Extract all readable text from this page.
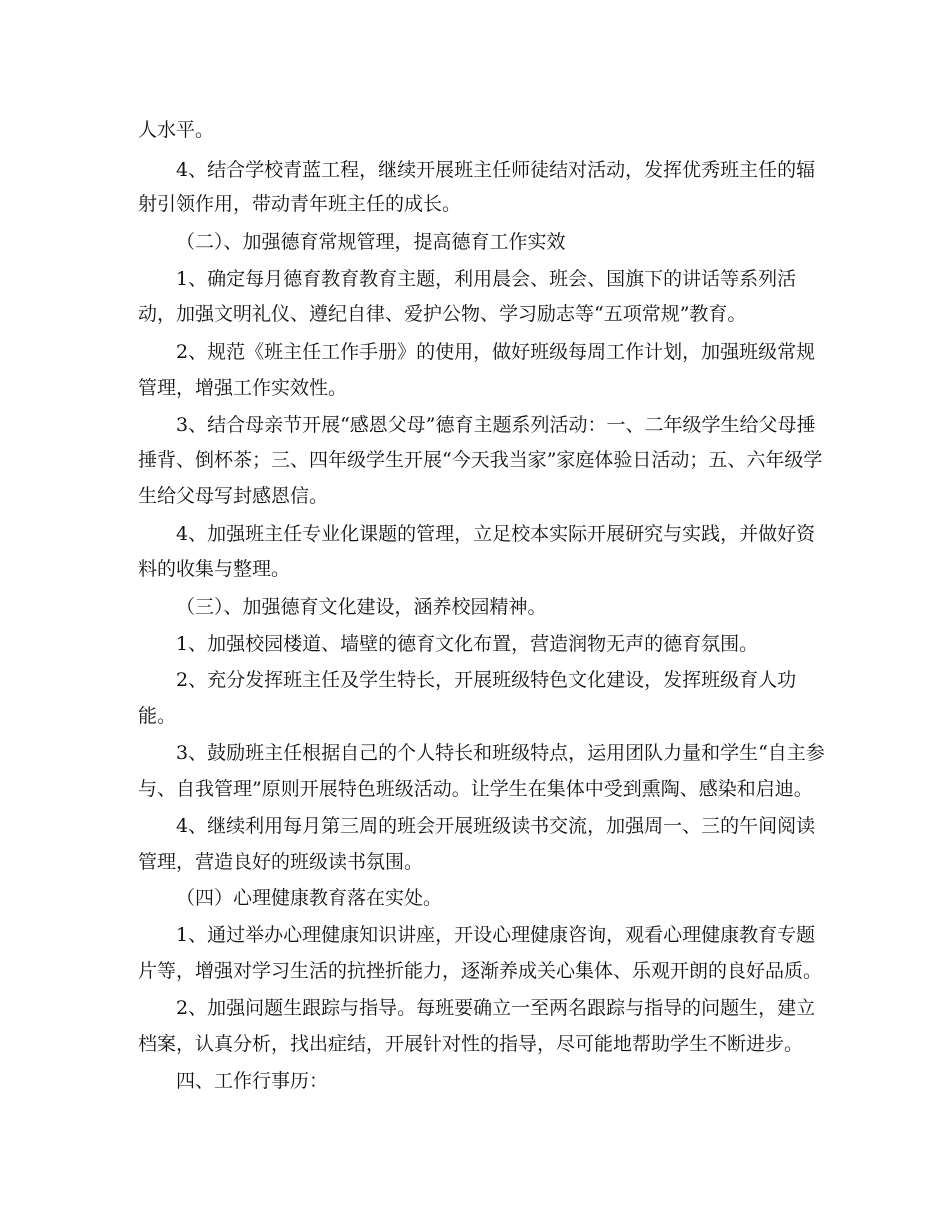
人水平。

4、结合学校青蓝工程，继续开展班主任师徒结对活动，发挥优秀班主任的辐

射引领作用，带动青年班主任的成长。

（二）、加强德育常规管理，提高德育工作实效

1、确定每月德育教育教育主题，利用晨会、班会、国旗下的讲话等系列活

动，加强文明礼仪、遵纪自律、爱护公物、学习励志等“五项常规”教育。

2、规范《班主任工作手册》的使用，做好班级每周工作计划，加强班级常规

管理，增强工作实效性。

3、结合母亲节开展“感恩父母”德育主题系列活动：一、二年级学生给父母捶

捶背、倒杯茶；三、四年级学生开展“今天我当家”家庭体验日活动；五、六年级学

生给父母写封感恩信。

4、加强班主任专业化课题的管理，立足校本实际开展研究与实践，并做好资

料的收集与整理。

（三）、加强德育文化建设，涵养校园精神。

1、加强校园楼道、墙壁的德育文化布置，营造润物无声的德育氛围。

2、充分发挥班主任及学生特长，开展班级特色文化建设，发挥班级育人功

能。

3、鼓励班主任根据自己的个人特长和班级特点，运用团队力量和学生“自主参

与、自我管理”原则开展特色班级活动。让学生在集体中受到熏陶、感染和启迪。

4、继续利用每月第三周的班会开展班级读书交流，加强周一、三的午间阅读

管理，营造良好的班级读书氛围。

（四）心理健康教育落在实处。

1、通过举办心理健康知识讲座，开设心理健康咨询，观看心理健康教育专题

片等，增强对学习生活的抗挫折能力，逐渐养成关心集体、乐观开朗的良好品质。

2、加强问题生跟踪与指导。每班要确立一至两名跟踪与指导的问题生，建立

档案，认真分析，找出症结，开展针对性的指导，尽可能地帮助学生不断进步。

四、工作行事历：
